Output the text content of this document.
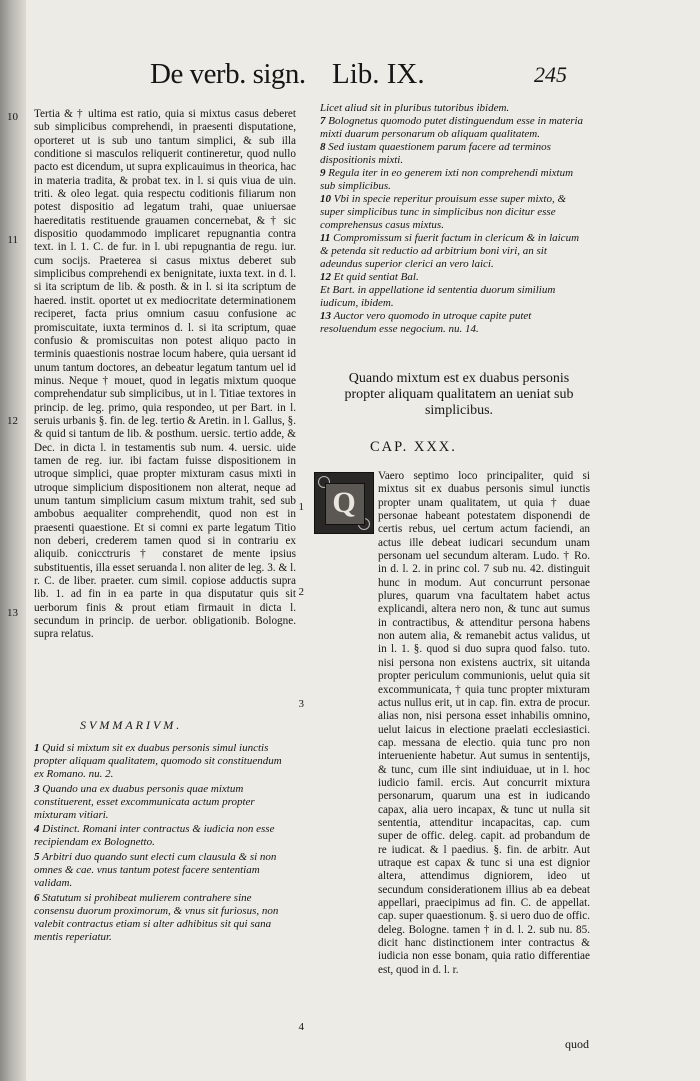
De verb. sign. Lib. IX.	245

Tertia & † ultima est ratio, quia si mixtus casus deberet sub simplicibus comprehendi, in praesenti disputatione, oporteret ut is sub uno tantum simplici, & sub illa conditione si masculos reliquerit contineretur, quod nullo pacto est dicendum, ut supra explicauimus in theorica, hac in materia tradita, & probat tex. in l. si quis viua de uin. triti. & oleo legat. quia respectu coditionis filiarum non potest dispositio ad legatum trahi, quae uniuersae haereditatis restituende grauamen concernebat, & † sic dispositio quodammodo implicaret repugnantia contra text. in l. 1. C. de fur. in l. ubi repugnantia de regu. iur. cum socijs. Praeterea si casus mixtus deberet sub simplicibus comprehendi ex benignitate, iuxta text. in d. l. si ita scriptum de lib. & posth. & in l. si ita scriptum de haered. instit. oportet ut ex mediocritate determinationem reciperet, facta prius omnium casuu confusione ac promiscuitate, iuxta terminos d. l. si ita scriptum, quae confusio & promiscuitas non potest aliquo pacto in terminis quaestionis nostrae locum habere, quia uersant id unum tantum doctores, an debeatur legatum tantum uel id minus. Neque † mouet, quod in legatis mixtum quoque comprehendatur sub simplicibus, ut in l. Titiae textores in princip. de leg. primo, quia respondeo, ut per Bart. in l. seruis urbanis §. fin. de leg. tertio & Aretin. in l. Gallus, §. & quid si tantum de lib. & posthum. uersic. tertio adde, & Dec. in dicta l. in testamentis sub num. 4. uersic. uide tamen de reg. iur. ibi factam fuisse dispositionem in utroque simplici, quae propter mixturam casus mixti in utroque simplicium dispositionem non alterat, neque ad unum tantum simplicium casum mixtum trahit, sed sub ambobus aequaliter comprehendit, quod non est in praesenti quaestione. Et si comni ex parte legatum Titio non deberi, crederem tamen quod si in contrariu ex aliquib. conicctruris † constaret de mente ipsius substituentis, illa esset seruanda l. non aliter de leg. 3. & l. r. C. de liber. praeter. cum simil. copiose adductis supra lib. 1. ad fin in ea parte in qua disputatur quis sit uerborum finis & prout etiam firmauit in dicta l. secundum in princip. de uerbor. obligationib. Bologne. supra relatus.

10
11
12
13
SVMMARIVM.

1 Quid si mixtum sit ex duabus personis simul iunctis propter aliquam qualitatem, quomodo sit constituendum ex Romano. nu. 2.

3 Quando una ex duabus personis quae mixtum constituerent, esset excommunicata actum propter mixturam vitiari.

4 Distinct. Romani inter contractus & iudicia non esse recipiendam ex Bolognetto.

5 Arbitri duo quando sunt electi cum clausula & si non omnes & cae. vnus tantum potest facere sententiam validam.

6 Statutum si prohibeat mulierem contrahere sine consensu duorum proximorum, & vnus sit furiosus, non valebit contractus etiam si alter adhibitus sit qui sana mentis reperiatur.

Licet aliud sit in pluribus tutoribus ibidem.

7 Bolognetus quomodo putet distinguendum esse in materia mixti duarum personarum ob aliquam qualitatem.

8 Sed iustam quaestionem parum facere ad terminos dispositionis mixti.

9 Regula iter in eo generem ixti non comprehendi mixtum sub simplicibus.

10 Vbi in specie reperitur prouisum esse super mixto, & super simplicibus tunc in simplicibus non dicitur esse comprehensus casus mixtus.

11 Compromissum si fuerit factum in clericum & in laicum & petenda sit reductio ad arbitrium boni viri, an sit adeundus superior clerici an vero laici.

12 Et quid sentiat Bal.

Et Bart. in appellatione id sententia duorum similium iudicum, ibidem.

13 Auctor vero quomodo in utroque capite putet resoluendum esse negocium. nu. 14.

Quando mixtum est ex duabus personis propter aliquam qualitatem an ueniat sub simplicibus.
CAP. XXX.
Q
Vaero septimo loco principaliter, quid si mixtus sit ex duabus personis simul iunctis propter unam qualitatem, ut quia † duae personae habeant potestatem disponendi de certis rebus, uel certum actum faciendi, an actus ille debeat iudicari secundum unam personam uel secundum alteram. Ludo. † Ro. in d. l. 2. in princ col. 7 sub nu. 42. distinguit hunc in modum. Aut concurrunt personae plures, quarum vna facultatem habet actus explicandi, altera nero non, & tunc aut sumus in contractibus, & attenditur persona habens non autem alia, & remanebit actus validus, ut in l. 1. §. quod si duo supra quod falso. tuto. nisi persona non existens auctrix, sit uitanda propter periculum communionis, uelut quia sit excommunicata, † quia tunc propter mixturam actus nullus erit, ut in cap. fin. extra de procur. alias non, nisi persona esset inhabilis omnino, uelut laicus in electione praelati ecclesiastici. cap. messana de electio. quia tunc pro non interueniente habetur. Aut sumus in sententijs, & tunc, cum ille sint indiuiduae, ut in l. hoc iudicio famil. ercis. Aut concurrit mixtura personarum, quarum una est in iudicando capax, alia uero incapax, & tunc ut nulla sit sententia, attenditur incapacitas, cap. cum super de offic. deleg. capit. ad probandum de re iudicat. & l paedius. §. fin. de arbitr. Aut utraque est capax & tunc si una est dignior altera, attendimus digniorem, ideo ut secundum considerationem illius ab ea debeat appellari, praecipimus ad fin. C. de appellat. cap. super quaestionum. §. si uero duo de offic. deleg. Bologne. tamen † in d. l. 2. sub nu. 85. dicit hanc distinctionem inter contractus & iudicia non esse bonam, quia ratio differentiae est, quod in d. l. r.
1
2
3
4
quod
